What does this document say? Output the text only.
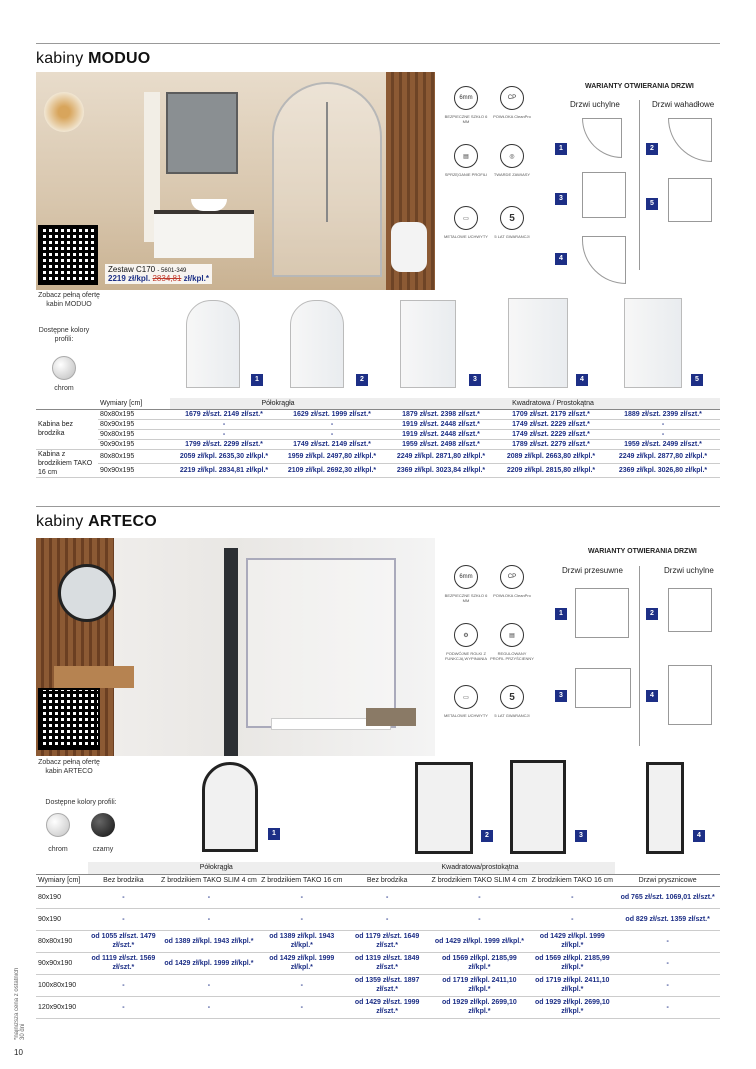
kabiny MODUO
Zestaw C170 - 5601-349
2219 zł/kpl. 2834,81 zł/kpl.*
Zobacz pełną ofertę kabin MODUO
Dostępne kolory profili:
chrom
6mm	CP
BEZPIECZNE SZKŁO 6 MM
POWŁOKA CleanPro
▤	◎
SPRZĘGANIE PROFILI	TWARDE ZAWIASY
▭	5
METALOWE UCHWYTY	5 LAT GWARANCJI
WARIANTY OTWIERANIA DRZWI
Drzwi uchylne	Drzwi wahadłowe
1
3
4
2
5
1	2	3	4	5
	Wymiary [cm]	Półokrągła		Kwadratowa / Prostokątna		
Kabina bez brodzika	80x80x195	1679 zł/szt. 2149 zł/szt.*	1629 zł/szt. 1999 zł/szt.*	1879 zł/szt. 2398 zł/szt.*	1709 zł/szt. 2179 zł/szt.*	1889 zł/szt. 2399 zł/szt.*
	80x90x195	-	-	1919 zł/szt. 2448 zł/szt.*	1749 zł/szt. 2229 zł/szt.*	-
	90x80x195	-	-	1919 zł/szt. 2448 zł/szt.*	1749 zł/szt. 2229 zł/szt.*	-
	90x90x195	1799 zł/szt. 2299 zł/szt.*	1749 zł/szt. 2149 zł/szt.*	1959 zł/szt. 2498 zł/szt.*	1789 zł/szt. 2279 zł/szt.*	1959 zł/szt. 2499 zł/szt.*
Kabina z brodzikiem TAKO 16 cm	80x80x195	2059 zł/kpl. 2635,30 zł/kpl.*	1959 zł/kpl. 2497,80 zł/kpl.*	2249 zł/kpl. 2871,80 zł/kpl.*	2089 zł/kpl. 2663,80 zł/kpl.*	2249 zł/kpl. 2877,80 zł/kpl.*
	90x90x195	2219 zł/kpl. 2834,81 zł/kpl.*	2109 zł/kpl. 2692,30 zł/kpl.*	2369 zł/kpl. 3023,84 zł/kpl.*	2209 zł/kpl. 2815,80 zł/kpl.*	2369 zł/kpl. 3026,80 zł/kpl.*
kabiny ARTECO
Zobacz pełną ofertę kabin ARTECO
Dostępne kolory profili:
chrom	czarny
6mm	CP
BEZPIECZNE SZKŁO 6 MM
POWŁOKA CleanPro
⚙	▤
PODWÓJNE ROLKI Z FUNKCJĄ WYPINANIA
REGULOWANY PROFIL PRZYŚCIENNY
▭	5
METALOWE UCHWYTY	5 LAT GWARANCJI
WARIANTY OTWIERANIA DRZWI
Drzwi przesuwne	Drzwi uchylne
1
3
2
4
1	2	3	4
	Półokrągła			Kwadratowa/prostokątna			
Wymiary [cm]	Bez brodzika	Z brodzikiem TAKO SLIM 4 cm	Z brodzikiem TAKO 16 cm	Bez brodzika	Z brodzikiem TAKO SLIM 4 cm	Z brodzikiem TAKO 16 cm	Drzwi prysznicowe
80x190	-	-	-	-	-	-	od 765 zł/szt. 1069,01 zł/szt.*
90x190	-	-	-	-	-	-	od 829 zł/szt. 1359 zł/szt.*
80x80x190	od 1055 zł/szt. 1479 zł/szt.*	od 1389 zł/kpl. 1943 zł/kpl.*	od 1389 zł/kpl. 1943 zł/kpl.*	od 1179 zł/szt. 1649 zł/szt.*	od 1429 zł/kpl. 1999 zł/kpl.*	od 1429 zł/kpl. 1999 zł/kpl.*	-
90x90x190	od 1119 zł/szt. 1569 zł/szt.*	od 1429 zł/kpl. 1999 zł/kpl.*	od 1429 zł/kpl. 1999 zł/kpl.*	od 1319 zł/szt. 1849 zł/szt.*	od 1569 zł/kpl. 2185,99 zł/kpl.*	od 1569 zł/kpl. 2185,99 zł/kpl.*	-
100x80x190	-	-	-	od 1359 zł/szt. 1897 zł/szt.*	od 1719 zł/kpl. 2411,10 zł/kpl.*	od 1719 zł/kpl. 2411,10 zł/kpl.*	-
120x90x190	-	-	-	od 1429 zł/szt. 1999 zł/szt.*	od 1929 zł/kpl. 2699,10 zł/kpl.*	od 1929 zł/kpl. 2699,10 zł/kpl.*	-
*najniższa cena z ostatnich 30 dni
10
